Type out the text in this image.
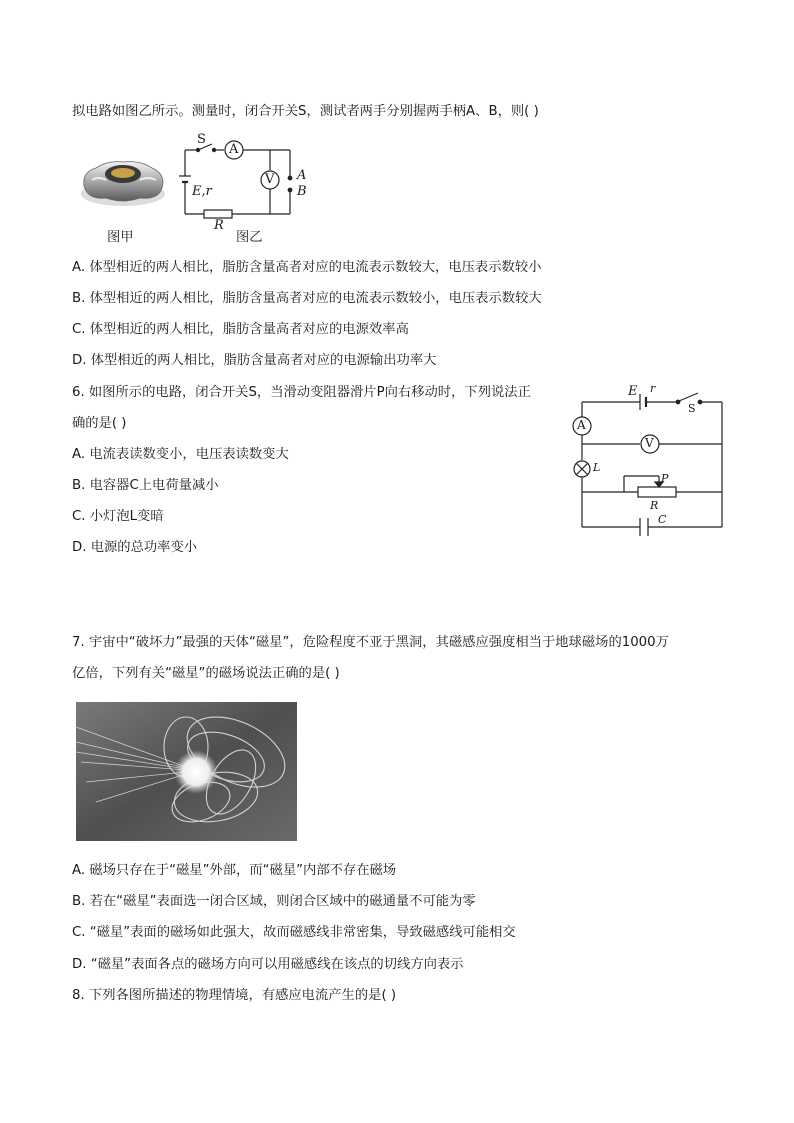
拟电路如图乙所示。测量时，闭合开关S，测试者两手分别握两手柄A、B，则( )
图甲
S
A
V
E,r
R
A
B
图乙
A. 体型相近的两人相比，脂肪含量高者对应的电流表示数较大，电压表示数较小
B. 体型相近的两人相比，脂肪含量高者对应的电流表示数较小，电压表示数较大
C. 体型相近的两人相比，脂肪含量高者对应的电源效率高
D. 体型相近的两人相比，脂肪含量高者对应的电源输出功率大
6. 如图所示的电路，闭合开关S，当滑动变阻器滑片P向右移动时，下列说法正
确的是( )
A. 电流表读数变小，电压表读数变大
B. 电容器C上电荷量减小
C. 小灯泡L变暗
D. 电源的总功率变小
E r
S
A
V
L
P
R
C
7. 宇宙中“破坏力”最强的天体“磁星”，危险程度不亚于黑洞，其磁感应强度相当于地球磁场的1000万
亿倍，下列有关“磁星”的磁场说法正确的是( )
A. 磁场只存在于“磁星”外部，而“磁星”内部不存在磁场
B. 若在“磁星”表面选一闭合区域，则闭合区域中的磁通量不可能为零
C. “磁星”表面的磁场如此强大，故而磁感线非常密集，导致磁感线可能相交
D. “磁星”表面各点的磁场方向可以用磁感线在该点的切线方向表示
8. 下列各图所描述的物理情境，有感应电流产生的是( )
